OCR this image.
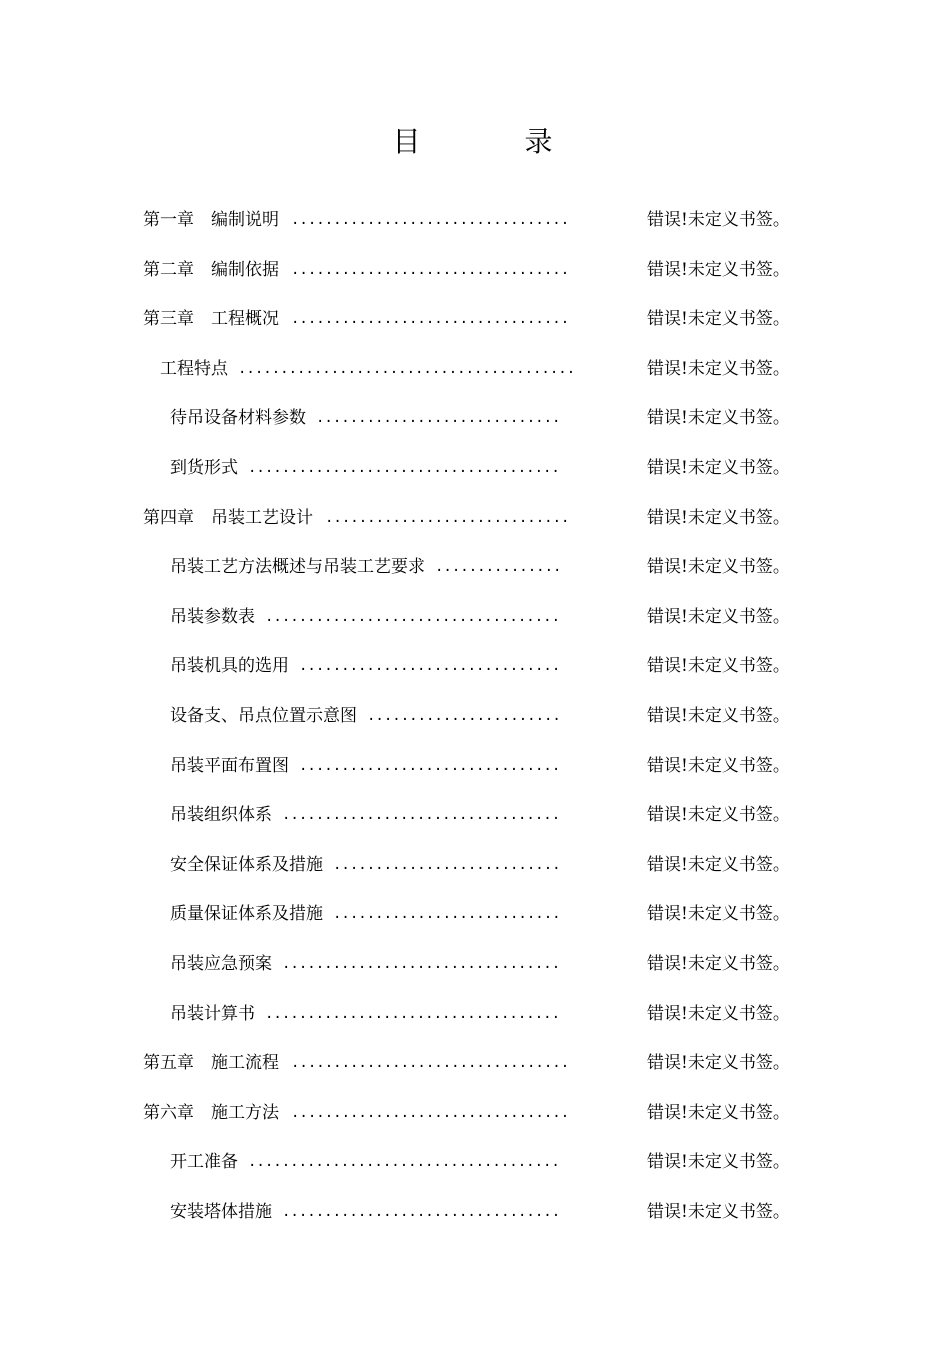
目　录
第一章　编制说明 .................................	错误!未定义书签。
第二章　编制依据 .................................	错误!未定义书签。
第三章　工程概况 .................................	错误!未定义书签。
工程特点 ........................................	错误!未定义书签。
待吊设备材料参数 .............................	错误!未定义书签。
到货形式 .....................................	错误!未定义书签。
第四章　吊装工艺设计 .............................	错误!未定义书签。
吊装工艺方法概述与吊装工艺要求 ...............	错误!未定义书签。
吊装参数表 ...................................	错误!未定义书签。
吊装机具的选用 ...............................	错误!未定义书签。
设备支、吊点位置示意图 .......................	错误!未定义书签。
吊装平面布置图 ...............................	错误!未定义书签。
吊装组织体系 .................................	错误!未定义书签。
安全保证体系及措施 ...........................	错误!未定义书签。
质量保证体系及措施 ...........................	错误!未定义书签。
吊装应急预案 .................................	错误!未定义书签。
吊装计算书 ...................................	错误!未定义书签。
第五章　施工流程 .................................	错误!未定义书签。
第六章　施工方法 .................................	错误!未定义书签。
开工准备 .....................................	错误!未定义书签。
安装塔体措施 .................................	错误!未定义书签。
